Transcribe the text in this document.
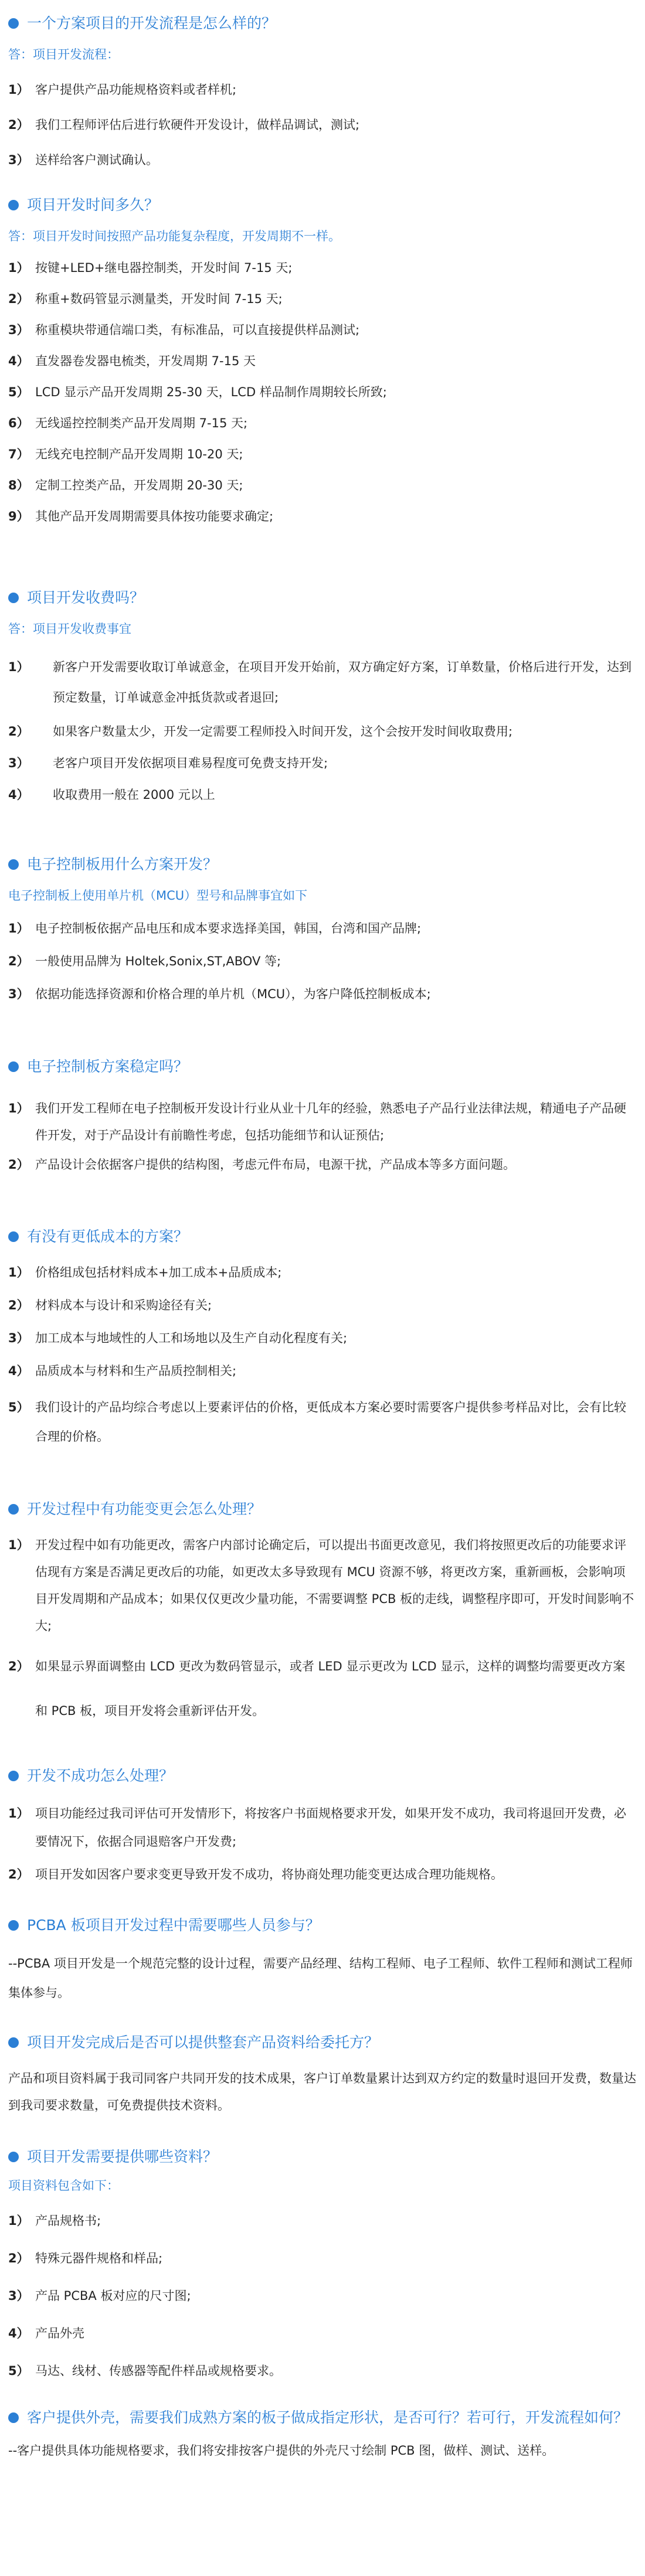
一个方案项目的开发流程是怎么样的？
答：项目开发流程：
1） 客户提供产品功能规格资料或者样机;
2） 我们工程师评估后进行软硬件开发设计，做样品调试，测试;
3） 送样给客户测试确认。
项目开发时间多久？
答：项目开发时间按照产品功能复杂程度，开发周期不一样。
1） 按键+LED+继电器控制类，开发时间 7-15 天;
2） 称重+数码管显示测量类，开发时间 7-15 天;
3） 称重模块带通信端口类，有标准品，可以直接提供样品测试;
4） 直发器卷发器电梳类，开发周期 7-15 天
5） LCD 显示产品开发周期 25-30 天，LCD 样品制作周期较长所致;
6） 无线遥控控制类产品开发周期 7-15 天;
7） 无线充电控制产品开发周期 10-20 天;
8） 定制工控类产品，开发周期 20-30 天;
9） 其他产品开发周期需要具体按功能要求确定;
项目开发收费吗？
答：项目开发收费事宜
1） 新客户开发需要收取订单诚意金，在项目开发开始前，双方确定好方案，订单数量，价格后进行开发，达到预定数量，订单诚意金冲抵货款或者退回;
2） 如果客户数量太少，开发一定需要工程师投入时间开发，这个会按开发时间收取费用;
3） 老客户项目开发依据项目难易程度可免费支持开发;
4） 收取费用一般在 2000 元以上
电子控制板用什么方案开发？
电子控制板上使用单片机（MCU）型号和品牌事宜如下
1） 电子控制板依据产品电压和成本要求选择美国，韩国，台湾和国产品牌;
2） 一般使用品牌为 Holtek,Sonix,ST,ABOV 等;
3） 依据功能选择资源和价格合理的单片机（MCU），为客户降低控制板成本;
电子控制板方案稳定吗？
1） 我们开发工程师在电子控制板开发设计行业从业十几年的经验，熟悉电子产品行业法律法规，精通电子产品硬件开发，对于产品设计有前瞻性考虑，包括功能细节和认证预估;
2） 产品设计会依据客户提供的结构图，考虑元件布局，电源干扰，产品成本等多方面问题。
有没有更低成本的方案？
1） 价格组成包括材料成本+加工成本+品质成本;
2） 材料成本与设计和采购途径有关;
3） 加工成本与地域性的人工和场地以及生产自动化程度有关;
4） 品质成本与材料和生产品质控制相关;
5） 我们设计的产品均综合考虑以上要素评估的价格，更低成本方案必要时需要客户提供参考样品对比，会有比较合理的价格。
开发过程中有功能变更会怎么处理？
1） 开发过程中如有功能更改，需客户内部讨论确定后，可以提出书面更改意见，我们将按照更改后的功能要求评估现有方案是否满足更改后的功能，如更改太多导致现有 MCU 资源不够，将更改方案，重新画板，会影响项目开发周期和产品成本；如果仅仅更改少量功能，不需要调整 PCB 板的走线，调整程序即可，开发时间影响不大;
2） 如果显示界面调整由 LCD 更改为数码管显示，或者 LED 显示更改为 LCD 显示，这样的调整均需要更改方案和 PCB 板，项目开发将会重新评估开发。
开发不成功怎么处理？
1） 项目功能经过我司评估可开发情形下，将按客户书面规格要求开发，如果开发不成功，我司将退回开发费，必要情况下，依据合同退赔客户开发费;
2） 项目开发如因客户要求变更导致开发不成功，将协商处理功能变更达成合理功能规格。
PCBA 板项目开发过程中需要哪些人员参与？
--PCBA 项目开发是一个规范完整的设计过程，需要产品经理、结构工程师、电子工程师、软件工程师和测试工程师集体参与。
项目开发完成后是否可以提供整套产品资料给委托方？
产品和项目资料属于我司同客户共同开发的技术成果，客户订单数量累计达到双方约定的数量时退回开发费，数量达到我司要求数量，可免费提供技术资料。
项目开发需要提供哪些资料？
项目资料包含如下：
1） 产品规格书;
2） 特殊元器件规格和样品;
3） 产品 PCBA 板对应的尺寸图;
4） 产品外壳
5） 马达、线材、传感器等配件样品或规格要求。
客户提供外壳，需要我们成熟方案的板子做成指定形状，是否可行？若可行，开发流程如何？
--客户提供具体功能规格要求，我们将安排按客户提供的外壳尺寸绘制 PCB 图，做样、测试、送样。
